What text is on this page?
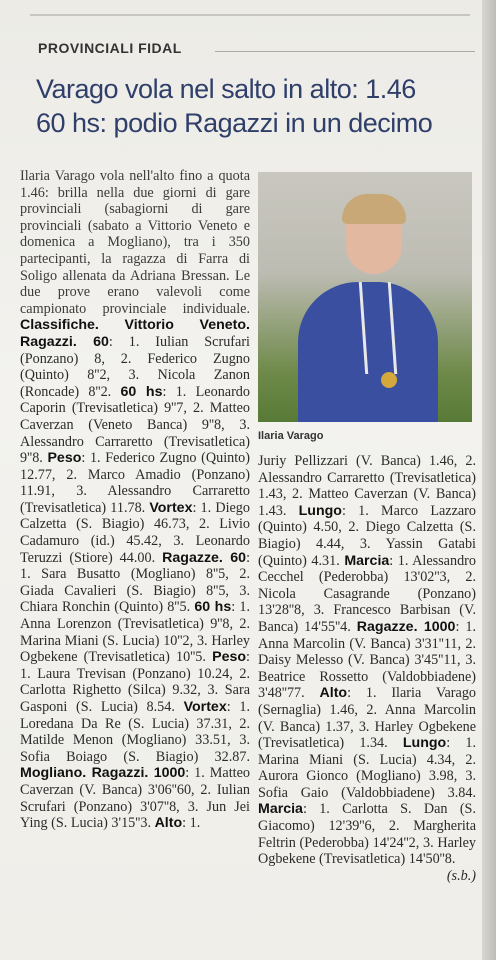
PROVINCIALI FIDAL
Varago vola nel salto in alto: 1.46
60 hs: podio Ragazzi in un decimo

Ilaria Varago vola nell'alto fino a quota 1.46: brilla nella due giorni di gare provinciali (sabagiorni di gare provinciali (sabato a Vittorio Veneto e domenica a Mogliano), tra i 350 partecipanti, la ragazza di Farra di Soligo allenata da Adriana Bressan. Le due prove erano valevoli come campionato provinciale individuale. Classifiche. Vittorio Veneto. Ragazzi. 60: 1. Iulian Scrufari (Ponzano) 8, 2. Federico Zugno (Quinto) 8''2, 3. Nicola Zanon (Roncade) 8''2. 60 hs: 1. Leonardo Caporin (Trevisatletica) 9''7, 2. Matteo Caverzan (Veneto Banca) 9''8, 3. Alessandro Carraretto (Trevisatletica) 9''8. Peso: 1. Federico Zugno (Quinto) 12.77, 2. Marco Amadio (Ponzano) 11.91, 3. Alessandro Carraretto (Trevisatletica) 11.78. Vortex: 1. Diego Calzetta (S. Biagio) 46.73, 2. Livio Cadamuro (id.) 45.42, 3. Leonardo Teruzzi (Stiore) 44.00. Ragazze. 60: 1. Sara Busatto (Mogliano) 8''5, 2. Giada Cavalieri (S. Biagio) 8''5, 3. Chiara Ronchin (Quinto) 8''5. 60 hs: 1. Anna Lorenzon (Trevisatletica) 9''8, 2. Marina Miani (S. Lucia) 10''2, 3. Harley Ogbekene (Trevisatletica) 10''5. Peso: 1. Laura Trevisan (Ponzano) 10.24, 2. Carlotta Righetto (Silca) 9.32, 3. Sara Gasponi (S. Lucia) 8.54. Vortex: 1. Loredana Da Re (S. Lucia) 37.31, 2. Matilde Menon (Mogliano) 33.51, 3. Sofia Boiago (S. Biagio) 32.87. Mogliano. Ragazzi. 1000: 1. Matteo Caverzan (V. Banca) 3'06''60, 2. Iulian Scrufari (Ponzano) 3'07''8, 3. Jun Jei Ying (S. Lucia) 3'15''3. Alto: 1.

Ilaria Varago

Juriy Pellizzari (V. Banca) 1.46, 2. Alessandro Carraretto (Trevisatletica) 1.43, 2. Matteo Caverzan (V. Banca) 1.43. Lungo: 1. Marco Lazzaro (Quinto) 4.50, 2. Diego Calzetta (S. Biagio) 4.44, 3. Yassin Gatabi (Quinto) 4.31. Marcia: 1. Alessandro Cecchel (Pederobba) 13'02''3, 2. Nicola Casagrande (Ponzano) 13'28''8, 3. Francesco Barbisan (V. Banca) 14'55''4. Ragazze. 1000: 1. Anna Marcolin (V. Banca) 3'31''11, 2. Daisy Melesso (V. Banca) 3'45''11, 3. Beatrice Rossetto (Valdobbiadene) 3'48''77. Alto: 1. Ilaria Varago (Sernaglia) 1.46, 2. Anna Marcolin (V. Banca) 1.37, 3. Harley Ogbekene (Trevisatletica) 1.34. Lungo: 1. Marina Miani (S. Lucia) 4.34, 2. Aurora Gionco (Mogliano) 3.98, 3. Sofia Gaio (Valdobbiadene) 3.84. Marcia: 1. Carlotta S. Dan (S. Giacomo) 12'39''6, 2. Margherita Feltrin (Pederobba) 14'24''2, 3. Harley Ogbekene (Trevisatletica) 14'50''8.
(s.b.)
